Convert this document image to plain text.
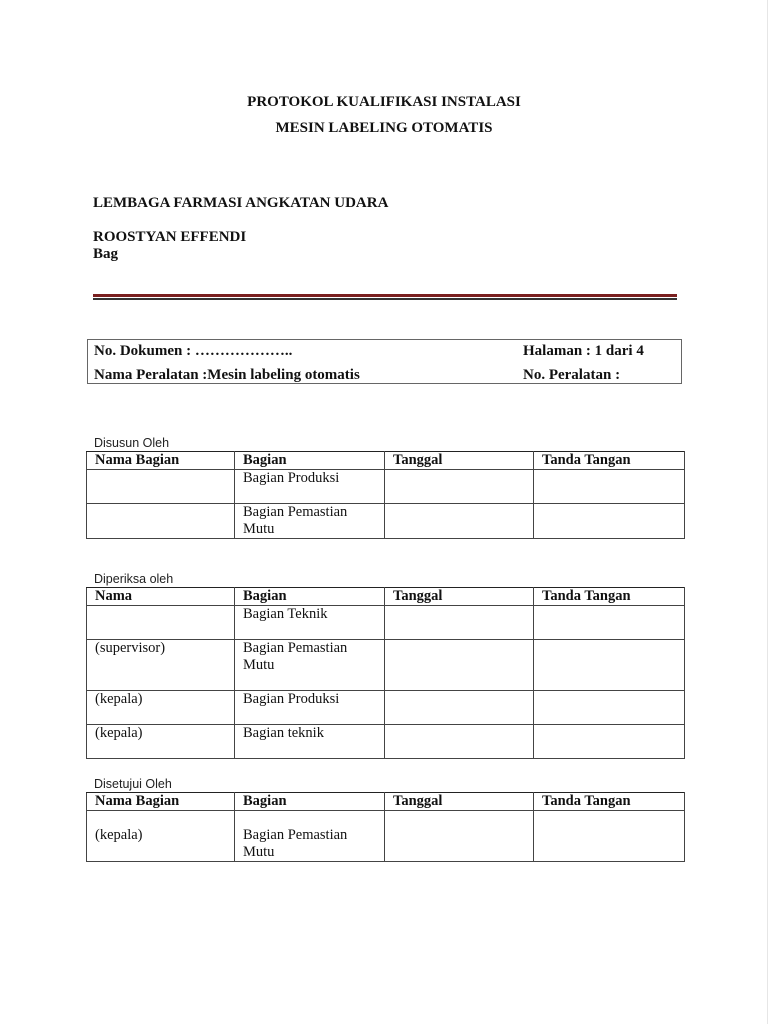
PROTOKOL KUALIFIKASI INSTALASI
MESIN LABELING OTOMATIS
LEMBAGA FARMASI ANGKATAN UDARA
ROOSTYAN EFFENDI
Bag
No. Dokumen : ………………..	Halaman : 1 dari 4
Nama Peralatan :Mesin labeling otomatis	No. Peralatan :
Disusun Oleh
Nama Bagian	Bagian	Tanggal	Tanda Tangan
	Bagian Produksi		
	Bagian Pemastian Mutu		
Diperiksa oleh
Nama	Bagian	Tanggal	Tanda Tangan
	Bagian Teknik		
(supervisor)	Bagian Pemastian Mutu		
(kepala)	Bagian Produksi		
(kepala)	Bagian teknik		
Disetujui Oleh
Nama Bagian	Bagian	Tanggal	Tanda Tangan
(kepala)	Bagian Pemastian Mutu		
